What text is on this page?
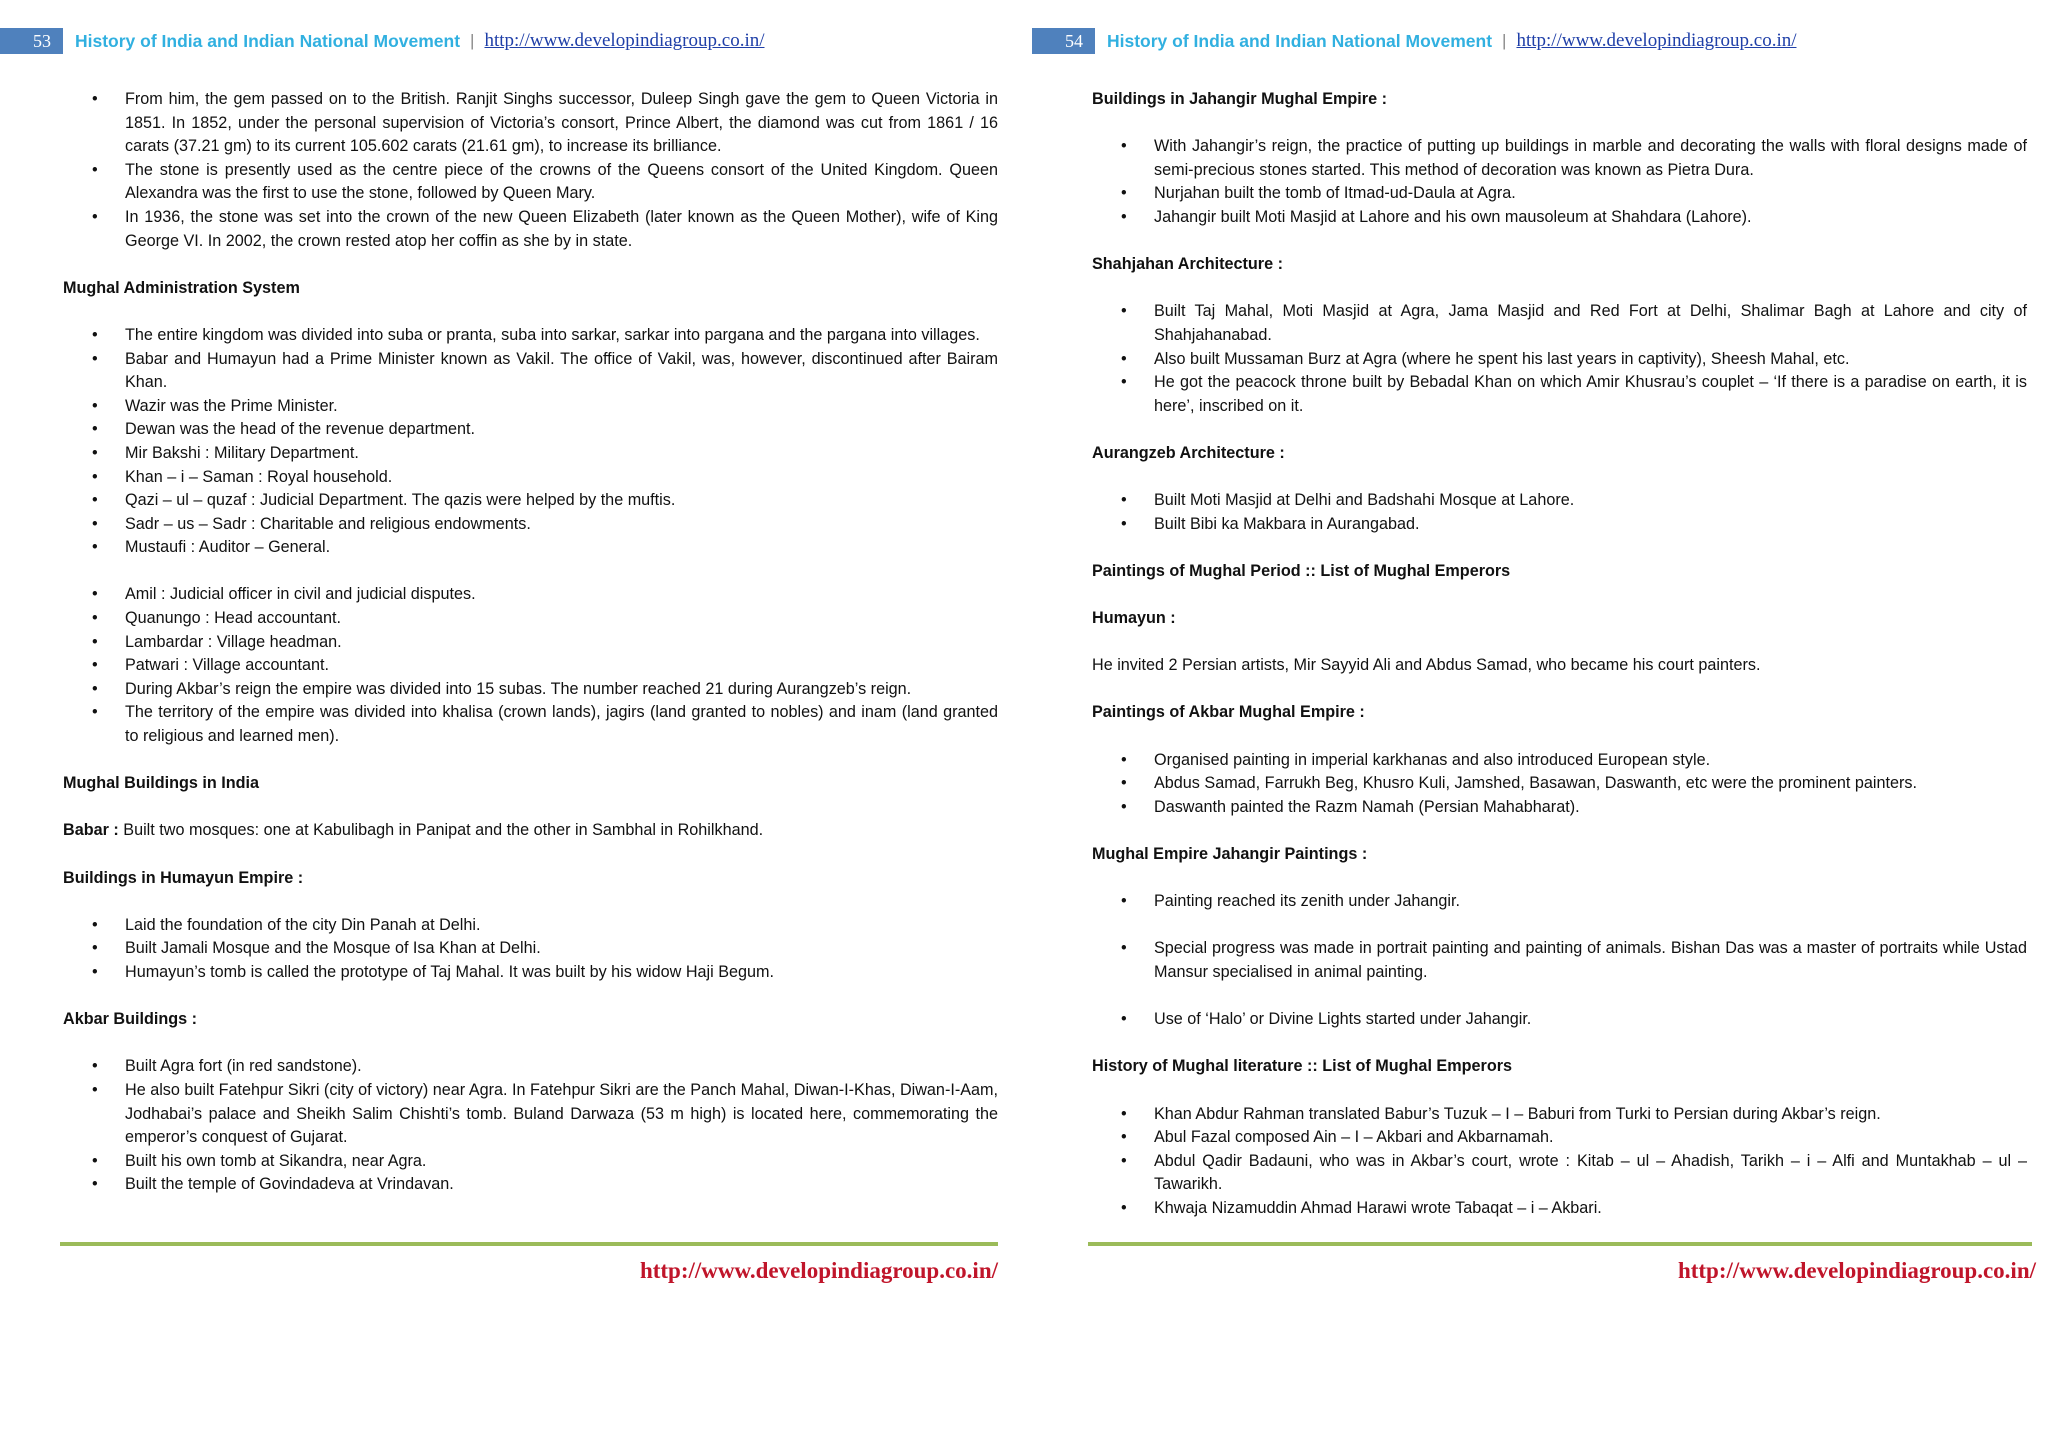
53	History of India and Indian National Movement | http://www.developindiagroup.co.in/
• From him, the gem passed on to the British. Ranjit Singhs successor, Duleep Singh gave the gem to Queen Victoria in 1851. In 1852, under the personal supervision of Victoria’s consort, Prince Albert, the diamond was cut from 1861 / 16 carats (37.21 gm) to its current 105.602 carats (21.61 gm), to increase its brilliance.
• The stone is presently used as the centre piece of the crowns of the Queens consort of the United Kingdom. Queen Alexandra was the first to use the stone, followed by Queen Mary.
• In 1936, the stone was set into the crown of the new Queen Elizabeth (later known as the Queen Mother), wife of King George VI. In 2002, the crown rested atop her coffin as she by in state.

Mughal Administration System

• The entire kingdom was divided into suba or pranta, suba into sarkar, sarkar into pargana and the pargana into villages.
• Babar and Humayun had a Prime Minister known as Vakil. The office of Vakil, was, however, discontinued after Bairam Khan.
• Wazir was the Prime Minister.
• Dewan was the head of the revenue department.
• Mir Bakshi : Military Department.
• Khan – i – Saman : Royal household.
• Qazi – ul – quzaf : Judicial Department. The qazis were helped by the muftis.
• Sadr – us – Sadr : Charitable and religious endowments.
• Mustaufi : Auditor – General.
• Amil : Judicial officer in civil and judicial disputes.
• Quanungo : Head accountant.
• Lambardar : Village headman.
• Patwari : Village accountant.
• During Akbar’s reign the empire was divided into 15 subas. The number reached 21 during Aurangzeb’s reign.
• The territory of the empire was divided into khalisa (crown lands), jagirs (land granted to nobles) and inam (land granted to religious and learned men).

Mughal Buildings in India

Babar : Built two mosques: one at Kabulibagh in Panipat and the other in Sambhal in Rohilkhand.

Buildings in Humayun Empire :

• Laid the foundation of the city Din Panah at Delhi.
• Built Jamali Mosque and the Mosque of Isa Khan at Delhi.
• Humayun’s tomb is called the prototype of Taj Mahal. It was built by his widow Haji Begum.

Akbar Buildings :

• Built Agra fort (in red sandstone).
• He also built Fatehpur Sikri (city of victory) near Agra. In Fatehpur Sikri are the Panch Mahal, Diwan-I-Khas, Diwan-I-Aam, Jodhabai’s palace and Sheikh Salim Chishti’s tomb. Buland Darwaza (53 m high) is located here, commemorating the emperor’s conquest of Gujarat.
• Built his own tomb at Sikandra, near Agra.
• Built the temple of Govindadeva at Vrindavan.
http://www.developindiagroup.co.in/
54	History of India and Indian National Movement | http://www.developindiagroup.co.in/

Buildings in Jahangir Mughal Empire :

• With Jahangir’s reign, the practice of putting up buildings in marble and decorating the walls with floral designs made of semi-precious stones started. This method of decoration was known as Pietra Dura.
• Nurjahan built the tomb of Itmad-ud-Daula at Agra.
• Jahangir built Moti Masjid at Lahore and his own mausoleum at Shahdara (Lahore).

Shahjahan Architecture :

• Built Taj Mahal, Moti Masjid at Agra, Jama Masjid and Red Fort at Delhi, Shalimar Bagh at Lahore and city of Shahjahanabad.
• Also built Mussaman Burz at Agra (where he spent his last years in captivity), Sheesh Mahal, etc.
• He got the peacock throne built by Bebadal Khan on which Amir Khusrau’s couplet – ‘If there is a paradise on earth, it is here’, inscribed on it.

Aurangzeb Architecture :

• Built Moti Masjid at Delhi and Badshahi Mosque at Lahore.
• Built Bibi ka Makbara in Aurangabad.

Paintings of Mughal Period :: List of Mughal Emperors

Humayun :

He invited 2 Persian artists, Mir Sayyid Ali and Abdus Samad, who became his court painters.

Paintings of Akbar Mughal Empire :

• Organised painting in imperial karkhanas and also introduced European style.
• Abdus Samad, Farrukh Beg, Khusro Kuli, Jamshed, Basawan, Daswanth, etc were the prominent painters.
• Daswanth painted the Razm Namah (Persian Mahabharat).

Mughal Empire Jahangir Paintings :

• Painting reached its zenith under Jahangir.
• Special progress was made in portrait painting and painting of animals. Bishan Das was a master of portraits while Ustad Mansur specialised in animal painting.
• Use of ‘Halo’ or Divine Lights started under Jahangir.

History of Mughal literature :: List of Mughal Emperors

• Khan Abdur Rahman translated Babur’s Tuzuk – I – Baburi from Turki to Persian during Akbar’s reign.
• Abul Fazal composed Ain – I – Akbari and Akbarnamah.
• Abdul Qadir Badauni, who was in Akbar’s court, wrote : Kitab – ul – Ahadish, Tarikh – i – Alfi and Muntakhab – ul – Tawarikh.
• Khwaja Nizamuddin Ahmad Harawi wrote Tabaqat – i – Akbari.
http://www.developindiagroup.co.in/
